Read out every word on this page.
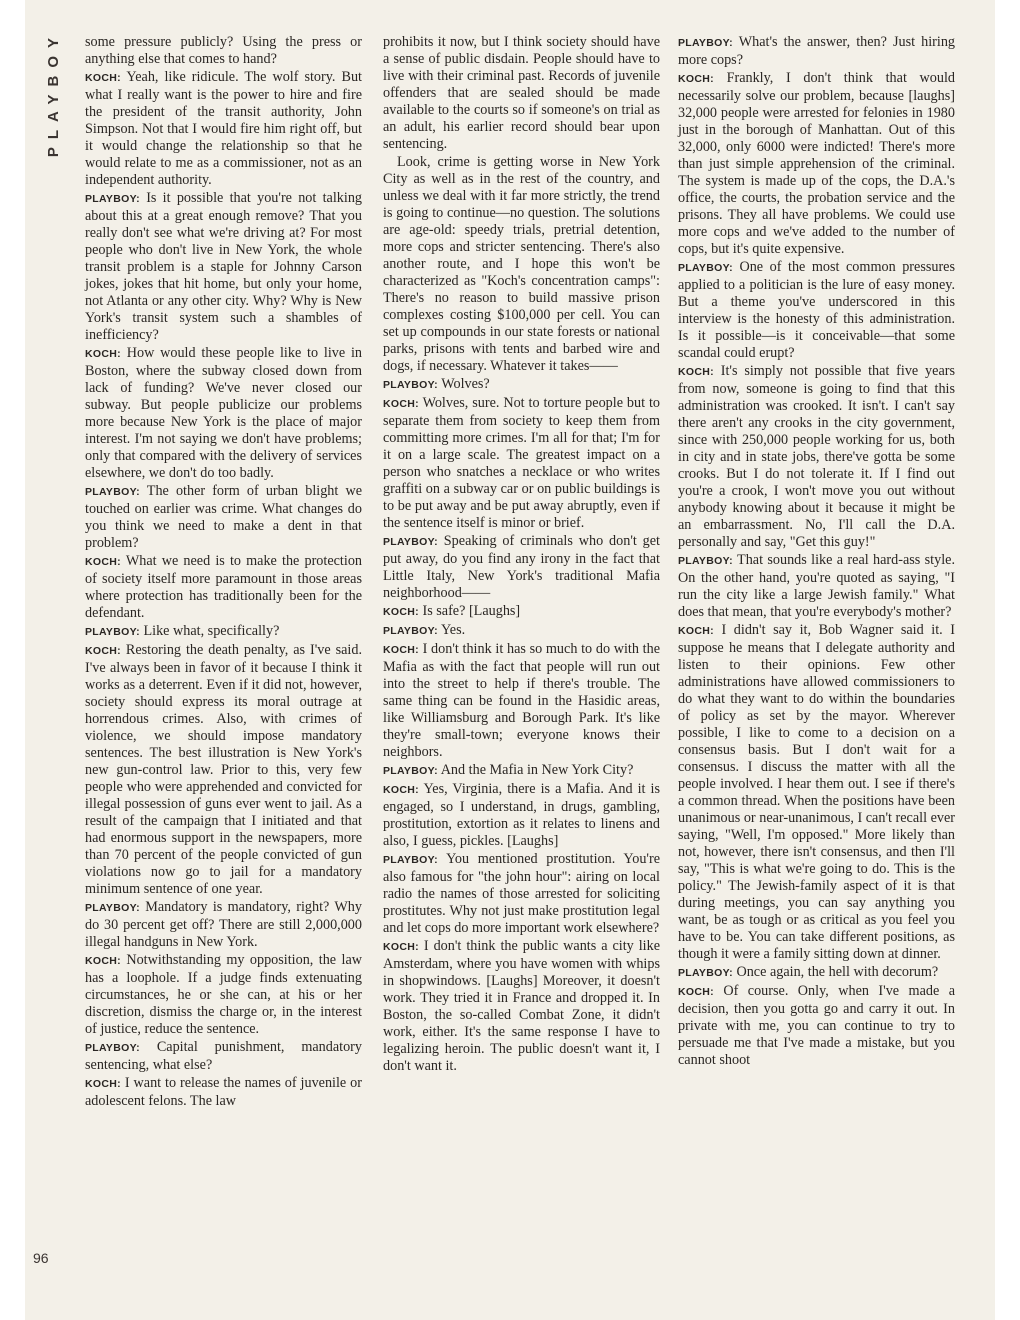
PLAYBOY
96

some pressure publicly? Using the press or anything else that comes to hand?

KOCH: Yeah, like ridicule. The wolf story. But what I really want is the power to hire and fire the president of the transit authority, John Simpson. Not that I would fire him right off, but it would change the relationship so that he would relate to me as a commissioner, not as an independent authority.

PLAYBOY: Is it possible that you're not talking about this at a great enough remove? That you really don't see what we're driving at? For most people who don't live in New York, the whole transit problem is a staple for Johnny Carson jokes, jokes that hit home, but only your home, not Atlanta or any other city. Why? Why is New York's transit system such a shambles of inefficiency?

KOCH: How would these people like to live in Boston, where the subway closed down from lack of funding? We've never closed our subway. But people publicize our problems more because New York is the place of major interest. I'm not saying we don't have problems; only that compared with the delivery of services elsewhere, we don't do too badly.

PLAYBOY: The other form of urban blight we touched on earlier was crime. What changes do you think we need to make a dent in that problem?

KOCH: What we need is to make the protection of society itself more paramount in those areas where protection has traditionally been for the defendant.

PLAYBOY: Like what, specifically?

KOCH: Restoring the death penalty, as I've said. I've always been in favor of it because I think it works as a deterrent. Even if it did not, however, society should express its moral outrage at horrendous crimes. Also, with crimes of violence, we should impose mandatory sentences. The best illustration is New York's new gun-control law. Prior to this, very few people who were apprehended and convicted for illegal possession of guns ever went to jail. As a result of the campaign that I initiated and that had enormous support in the newspapers, more than 70 percent of the people convicted of gun violations now go to jail for a mandatory minimum sentence of one year.

PLAYBOY: Mandatory is mandatory, right? Why do 30 percent get off? There are still 2,000,000 illegal handguns in New York.

KOCH: Notwithstanding my opposition, the law has a loophole. If a judge finds extenuating circumstances, he or she can, at his or her discretion, dismiss the charge or, in the interest of justice, reduce the sentence.

PLAYBOY: Capital punishment, mandatory sentencing, what else?

KOCH: I want to release the names of juvenile or adolescent felons. The law

prohibits it now, but I think society should have a sense of public disdain. People should have to live with their criminal past. Records of juvenile offenders that are sealed should be made available to the courts so if someone's on trial as an adult, his earlier record should bear upon sentencing.

Look, crime is getting worse in New York City as well as in the rest of the country, and unless we deal with it far more strictly, the trend is going to continue—no question. The solutions are age-old: speedy trials, pretrial detention, more cops and stricter sentencing. There's also another route, and I hope this won't be characterized as "Koch's concentration camps": There's no reason to build massive prison complexes costing $100,000 per cell. You can set up compounds in our state forests or national parks, prisons with tents and barbed wire and dogs, if necessary. Whatever it takes——

PLAYBOY: Wolves?

KOCH: Wolves, sure. Not to torture people but to separate them from society to keep them from committing more crimes. I'm all for that; I'm for it on a large scale. The greatest impact on a person who snatches a necklace or who writes graffiti on a subway car or on public buildings is to be put away and be put away abruptly, even if the sentence itself is minor or brief.

PLAYBOY: Speaking of criminals who don't get put away, do you find any irony in the fact that Little Italy, New York's traditional Mafia neighborhood——

KOCH: Is safe? [Laughs]

PLAYBOY: Yes.

KOCH: I don't think it has so much to do with the Mafia as with the fact that people will run out into the street to help if there's trouble. The same thing can be found in the Hasidic areas, like Williamsburg and Borough Park. It's like they're small-town; everyone knows their neighbors.

PLAYBOY: And the Mafia in New York City?

KOCH: Yes, Virginia, there is a Mafia. And it is engaged, so I understand, in drugs, gambling, prostitution, extortion as it relates to linens and also, I guess, pickles. [Laughs]

PLAYBOY: You mentioned prostitution. You're also famous for "the john hour": airing on local radio the names of those arrested for soliciting prostitutes. Why not just make prostitution legal and let cops do more important work elsewhere?

KOCH: I don't think the public wants a city like Amsterdam, where you have women with whips in shopwindows. [Laughs] Moreover, it doesn't work. They tried it in France and dropped it. In Boston, the so-called Combat Zone, it didn't work, either. It's the same response I have to legalizing heroin. The public doesn't want it, I don't want it.

PLAYBOY: What's the answer, then? Just hiring more cops?

KOCH: Frankly, I don't think that would necessarily solve our problem, because [laughs] 32,000 people were arrested for felonies in 1980 just in the borough of Manhattan. Out of this 32,000, only 6000 were indicted! There's more than just simple apprehension of the criminal. The system is made up of the cops, the D.A.'s office, the courts, the probation service and the prisons. They all have problems. We could use more cops and we've added to the number of cops, but it's quite expensive.

PLAYBOY: One of the most common pressures applied to a politician is the lure of easy money. But a theme you've underscored in this interview is the honesty of this administration. Is it possible—is it conceivable—that some scandal could erupt?

KOCH: It's simply not possible that five years from now, someone is going to find that this administration was crooked. It isn't. I can't say there aren't any crooks in the city government, since with 250,000 people working for us, both in city and in state jobs, there've gotta be some crooks. But I do not tolerate it. If I find out you're a crook, I won't move you out without anybody knowing about it because it might be an embarrassment. No, I'll call the D.A. personally and say, "Get this guy!"

PLAYBOY: That sounds like a real hard-ass style. On the other hand, you're quoted as saying, "I run the city like a large Jewish family." What does that mean, that you're everybody's mother?

KOCH: I didn't say it, Bob Wagner said it. I suppose he means that I delegate authority and listen to their opinions. Few other administrations have allowed commissioners to do what they want to do within the boundaries of policy as set by the mayor. Wherever possible, I like to come to a decision on a consensus basis. But I don't wait for a consensus. I discuss the matter with all the people involved. I hear them out. I see if there's a common thread. When the positions have been unanimous or near-unanimous, I can't recall ever saying, "Well, I'm opposed." More likely than not, however, there isn't consensus, and then I'll say, "This is what we're going to do. This is the policy." The Jewish-family aspect of it is that during meetings, you can say anything you want, be as tough or as critical as you feel you have to be. You can take different positions, as though it were a family sitting down at dinner.

PLAYBOY: Once again, the hell with decorum?

KOCH: Of course. Only, when I've made a decision, then you gotta go and carry it out. In private with me, you can continue to try to persuade me that I've made a mistake, but you cannot shoot
